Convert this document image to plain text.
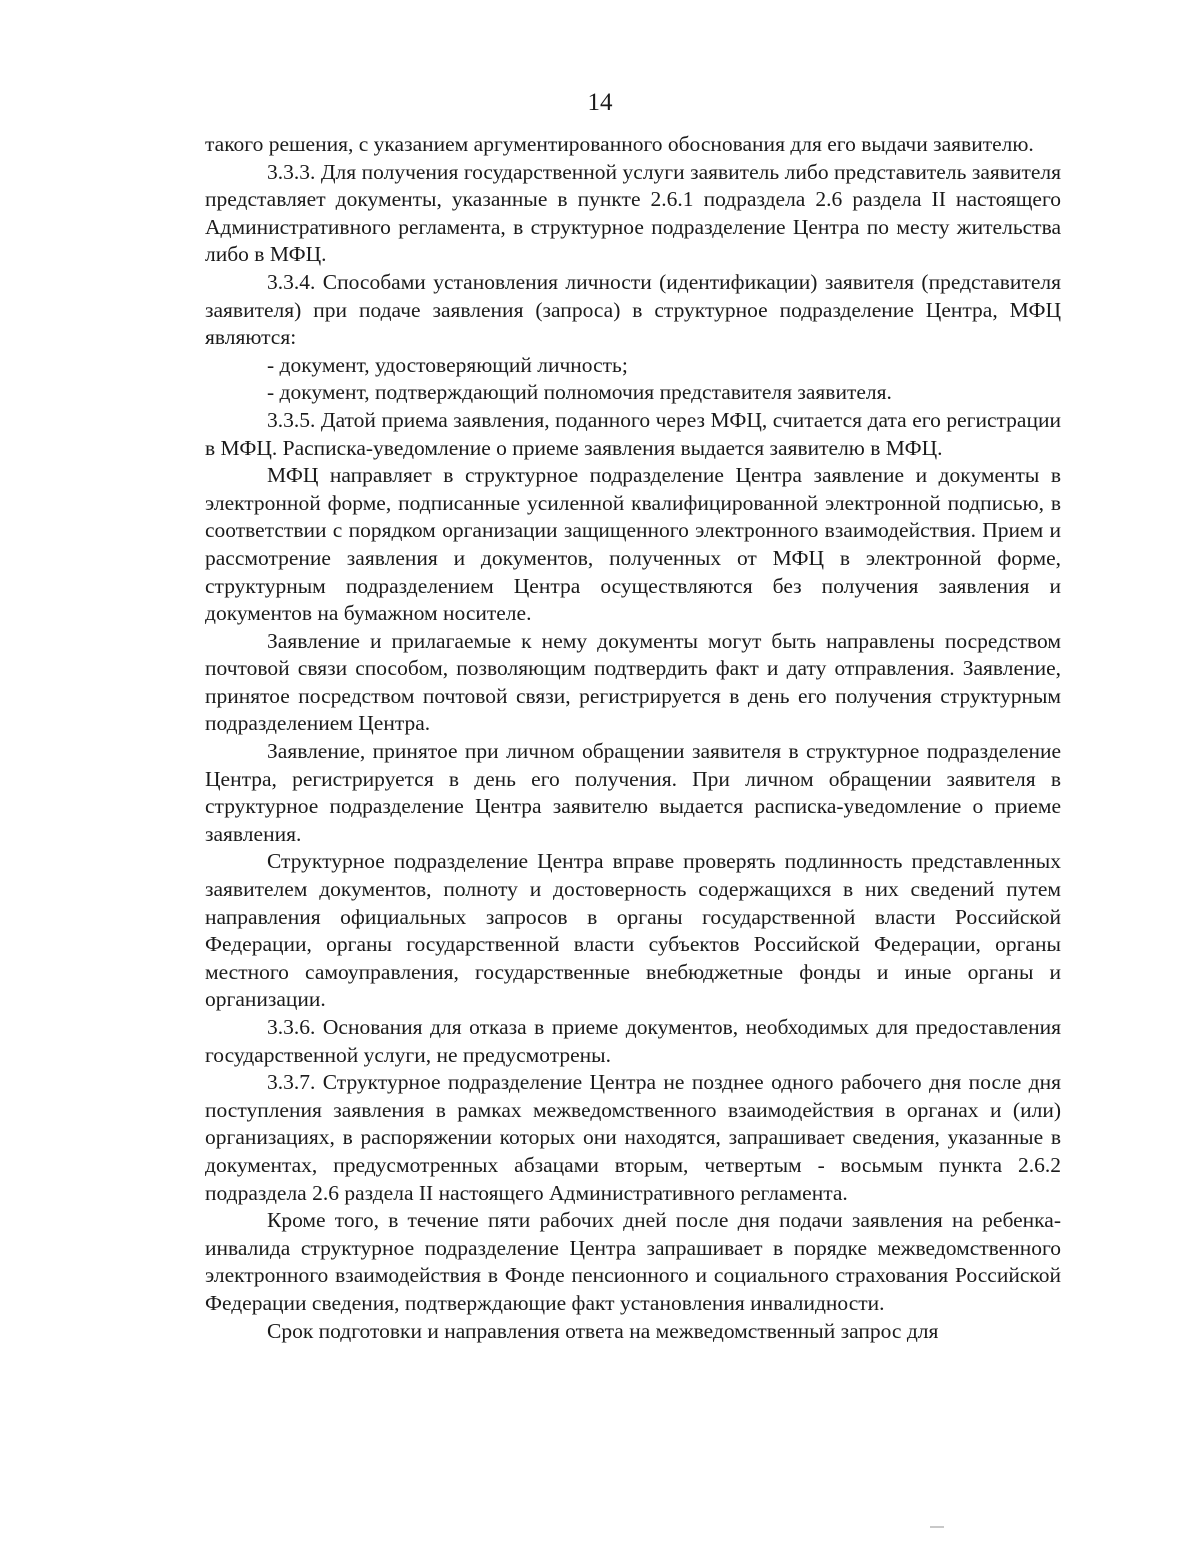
14

такого решения, с указанием аргументированного обоснования для его выдачи заявителю.

3.3.3. Для получения государственной услуги заявитель либо представитель заявителя представляет документы, указанные в пункте 2.6.1 подраздела 2.6 раздела II настоящего Административного регламента, в структурное подразделение Центра по месту жительства либо в МФЦ.

3.3.4. Способами установления личности (идентификации) заявителя (представителя заявителя) при подаче заявления (запроса) в структурное подразделение Центра, МФЦ являются:

- документ, удостоверяющий личность;

- документ, подтверждающий полномочия представителя заявителя.

3.3.5. Датой приема заявления, поданного через МФЦ, считается дата его регистрации в МФЦ. Расписка-уведомление о приеме заявления выдается заявителю в МФЦ.

МФЦ направляет в структурное подразделение Центра заявление и документы в электронной форме, подписанные усиленной квалифицированной электронной подписью, в соответствии с порядком организации защищенного электронного взаимодействия. Прием и рассмотрение заявления и документов, полученных от МФЦ в электронной форме, структурным подразделением Центра осуществляются без получения заявления и документов на бумажном носителе.

Заявление и прилагаемые к нему документы могут быть направлены посредством почтовой связи способом, позволяющим подтвердить факт и дату отправления. Заявление, принятое посредством почтовой связи, регистрируется в день его получения структурным подразделением Центра.

Заявление, принятое при личном обращении заявителя в структурное подразделение Центра, регистрируется в день его получения. При личном обращении заявителя в структурное подразделение Центра заявителю выдается расписка-уведомление о приеме заявления.

Структурное подразделение Центра вправе проверять подлинность представленных заявителем документов, полноту и достоверность содержащихся в них сведений путем направления официальных запросов в органы государственной власти Российской Федерации, органы государственной власти субъектов Российской Федерации, органы местного самоуправления, государственные внебюджетные фонды и иные органы и организации.

3.3.6. Основания для отказа в приеме документов, необходимых для предоставления государственной услуги, не предусмотрены.

3.3.7. Структурное подразделение Центра не позднее одного рабочего дня после дня поступления заявления в рамках межведомственного взаимодействия в органах и (или) организациях, в распоряжении которых они находятся, запрашивает сведения, указанные в документах, предусмотренных абзацами вторым, четвертым - восьмым пункта 2.6.2 подраздела 2.6 раздела II настоящего Административного регламента.

Кроме того, в течение пяти рабочих дней после дня подачи заявления на ребенка-инвалида структурное подразделение Центра запрашивает в порядке межведомственного электронного взаимодействия в Фонде пенсионного и социального страхования Российской Федерации сведения, подтверждающие факт установления инвалидности.

Срок подготовки и направления ответа на межведомственный запрос для
